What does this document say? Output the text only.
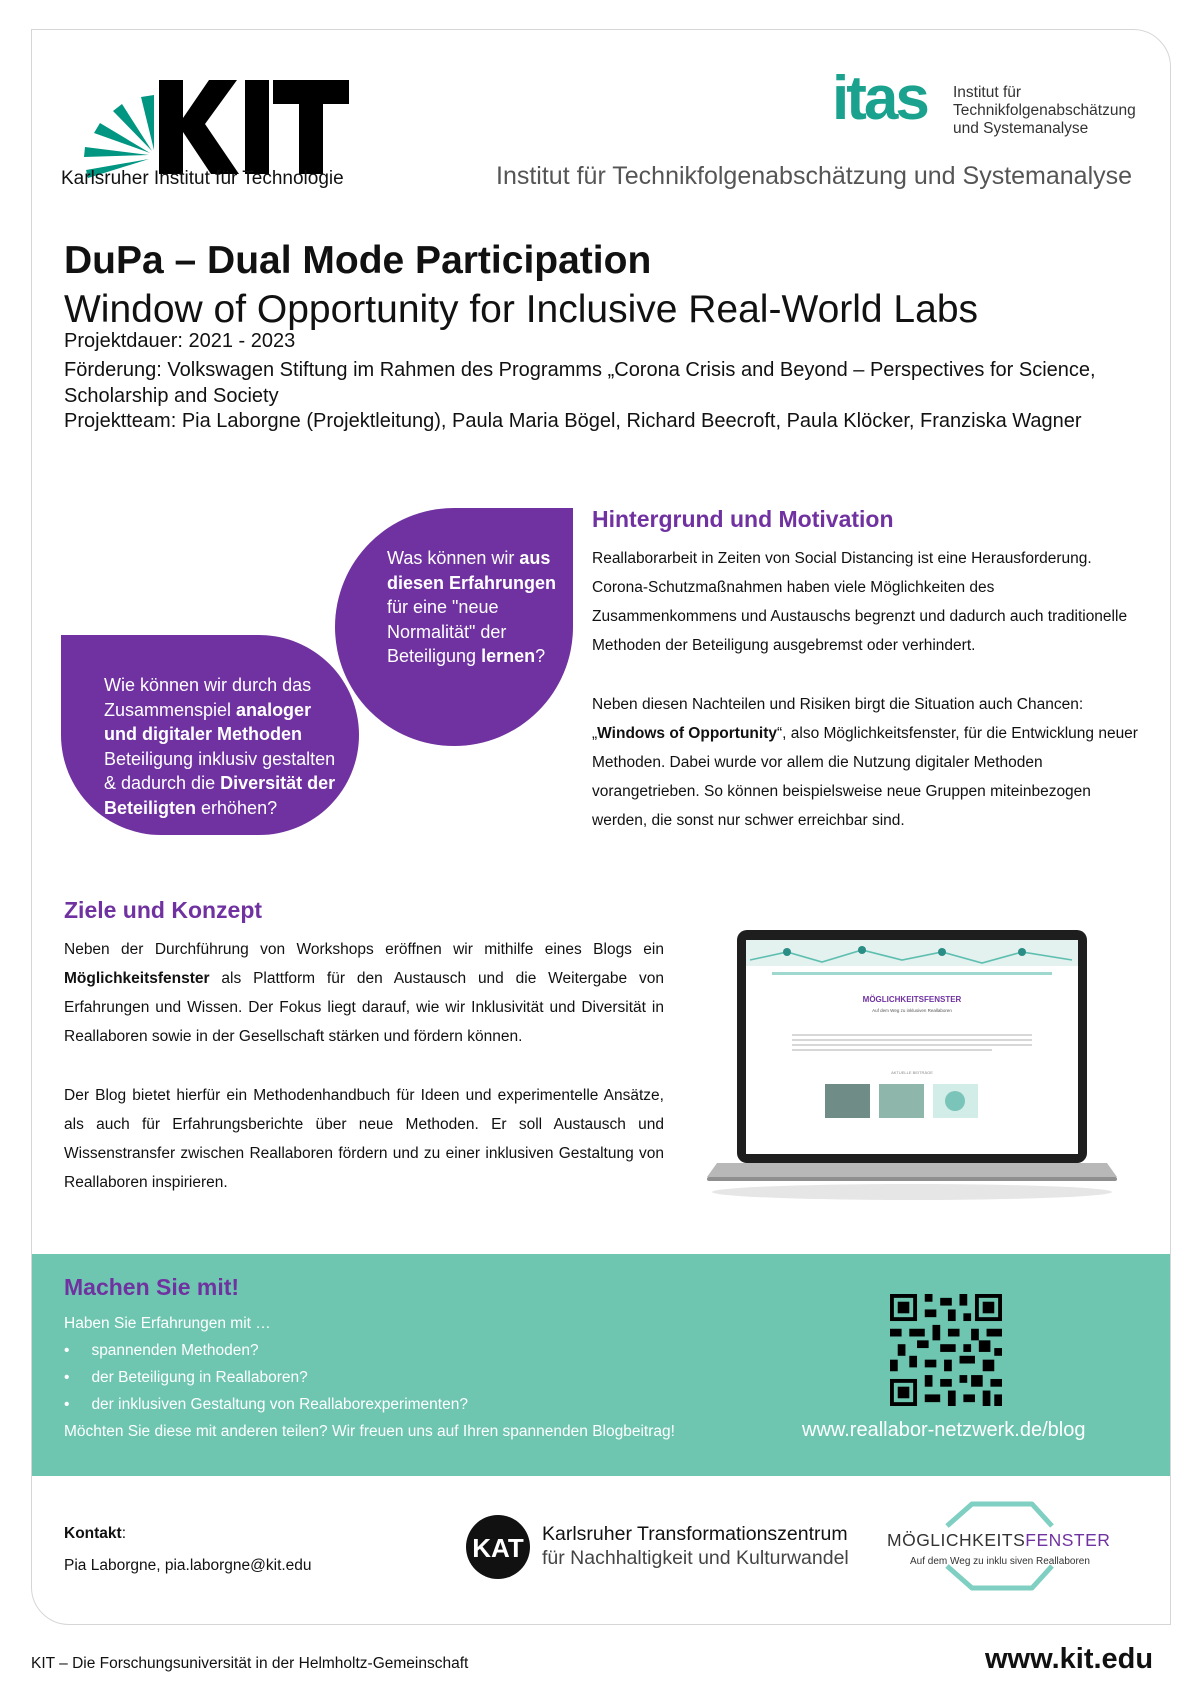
Karlsruher Institut für Technologie
itas Institut für
Technikfolgenabschätzung
und Systemanalyse
Institut für Technikfolgenabschätzung und Systemanalyse
DuPa – Dual Mode Participation
Window of Opportunity for Inclusive Real-World Labs
Projektdauer: 2021 - 2023
Förderung: Volkswagen Stiftung im Rahmen des Programms „Corona Crisis and Beyond – Perspectives for Science, Scholarship and Society
Projektteam: Pia Laborgne (Projektleitung), Paula Maria Bögel, Richard Beecroft, Paula Klöcker, Franziska Wagner
Was können wir aus diesen Erfahrungen für eine "neue Normalität" der Beteiligung lernen?
Wie können wir durch das Zusammenspiel analoger und digitaler Methoden Beteiligung inklusiv gestalten & dadurch die Diversität der Beteiligten erhöhen?
Hintergrund und Motivation
Reallaborarbeit in Zeiten von Social Distancing ist eine Herausforderung. Corona-Schutzmaßnahmen haben viele Möglichkeiten des Zusammenkommens und Austauschs begrenzt und dadurch auch traditionelle Methoden der Beteiligung ausgebremst oder verhindert.
Neben diesen Nachteilen und Risiken birgt die Situation auch Chancen: „Windows of Opportunity“, also Möglichkeitsfenster, für die Entwicklung neuer Methoden. Dabei wurde vor allem die Nutzung digitaler Methoden vorangetrieben. So können beispielsweise neue Gruppen miteinbezogen werden, die sonst nur schwer erreichbar sind.
Ziele und Konzept
Neben der Durchführung von Workshops eröffnen wir mithilfe eines Blogs ein Möglichkeitsfenster als Plattform für den Austausch und die Weitergabe von Erfahrungen und Wissen. Der Fokus liegt darauf, wie wir Inklusivität und Diversität in Reallaboren sowie in der Gesellschaft stärken und fördern können.
Der Blog bietet hierfür ein Methodenhandbuch für Ideen und experimentelle Ansätze, als auch für Erfahrungsberichte über neue Methoden. Er soll Austausch und Wissenstransfer zwischen Reallaboren fördern und zu einer inklusiven Gestaltung von Reallaboren inspirieren.
MÖGLICHKEITSFENSTER
Auf dem Weg zu inklusiven Reallaboren
AKTUELLE BEITRÄGE
Machen Sie mit!
Haben Sie Erfahrungen mit …
• spannenden Methoden?
• der Beteiligung in Reallaboren?
• der inklusiven Gestaltung von Reallaborexperimenten?
Möchten Sie diese mit anderen teilen? Wir freuen uns auf Ihren spannenden Blogbeitrag!	www.reallabor-netzwerk.de/blog
Kontakt:
Pia Laborgne, pia.laborgne@kit.edu
KAT Karlsruher Transformationszentrum
für Nachhaltigkeit und Kulturwandel
MÖGLICHKEITSFENSTER
Auf dem Weg zu inklu siven Reallaboren
KIT – Die Forschungsuniversität in der Helmholtz-Gemeinschaft	www.kit.edu
